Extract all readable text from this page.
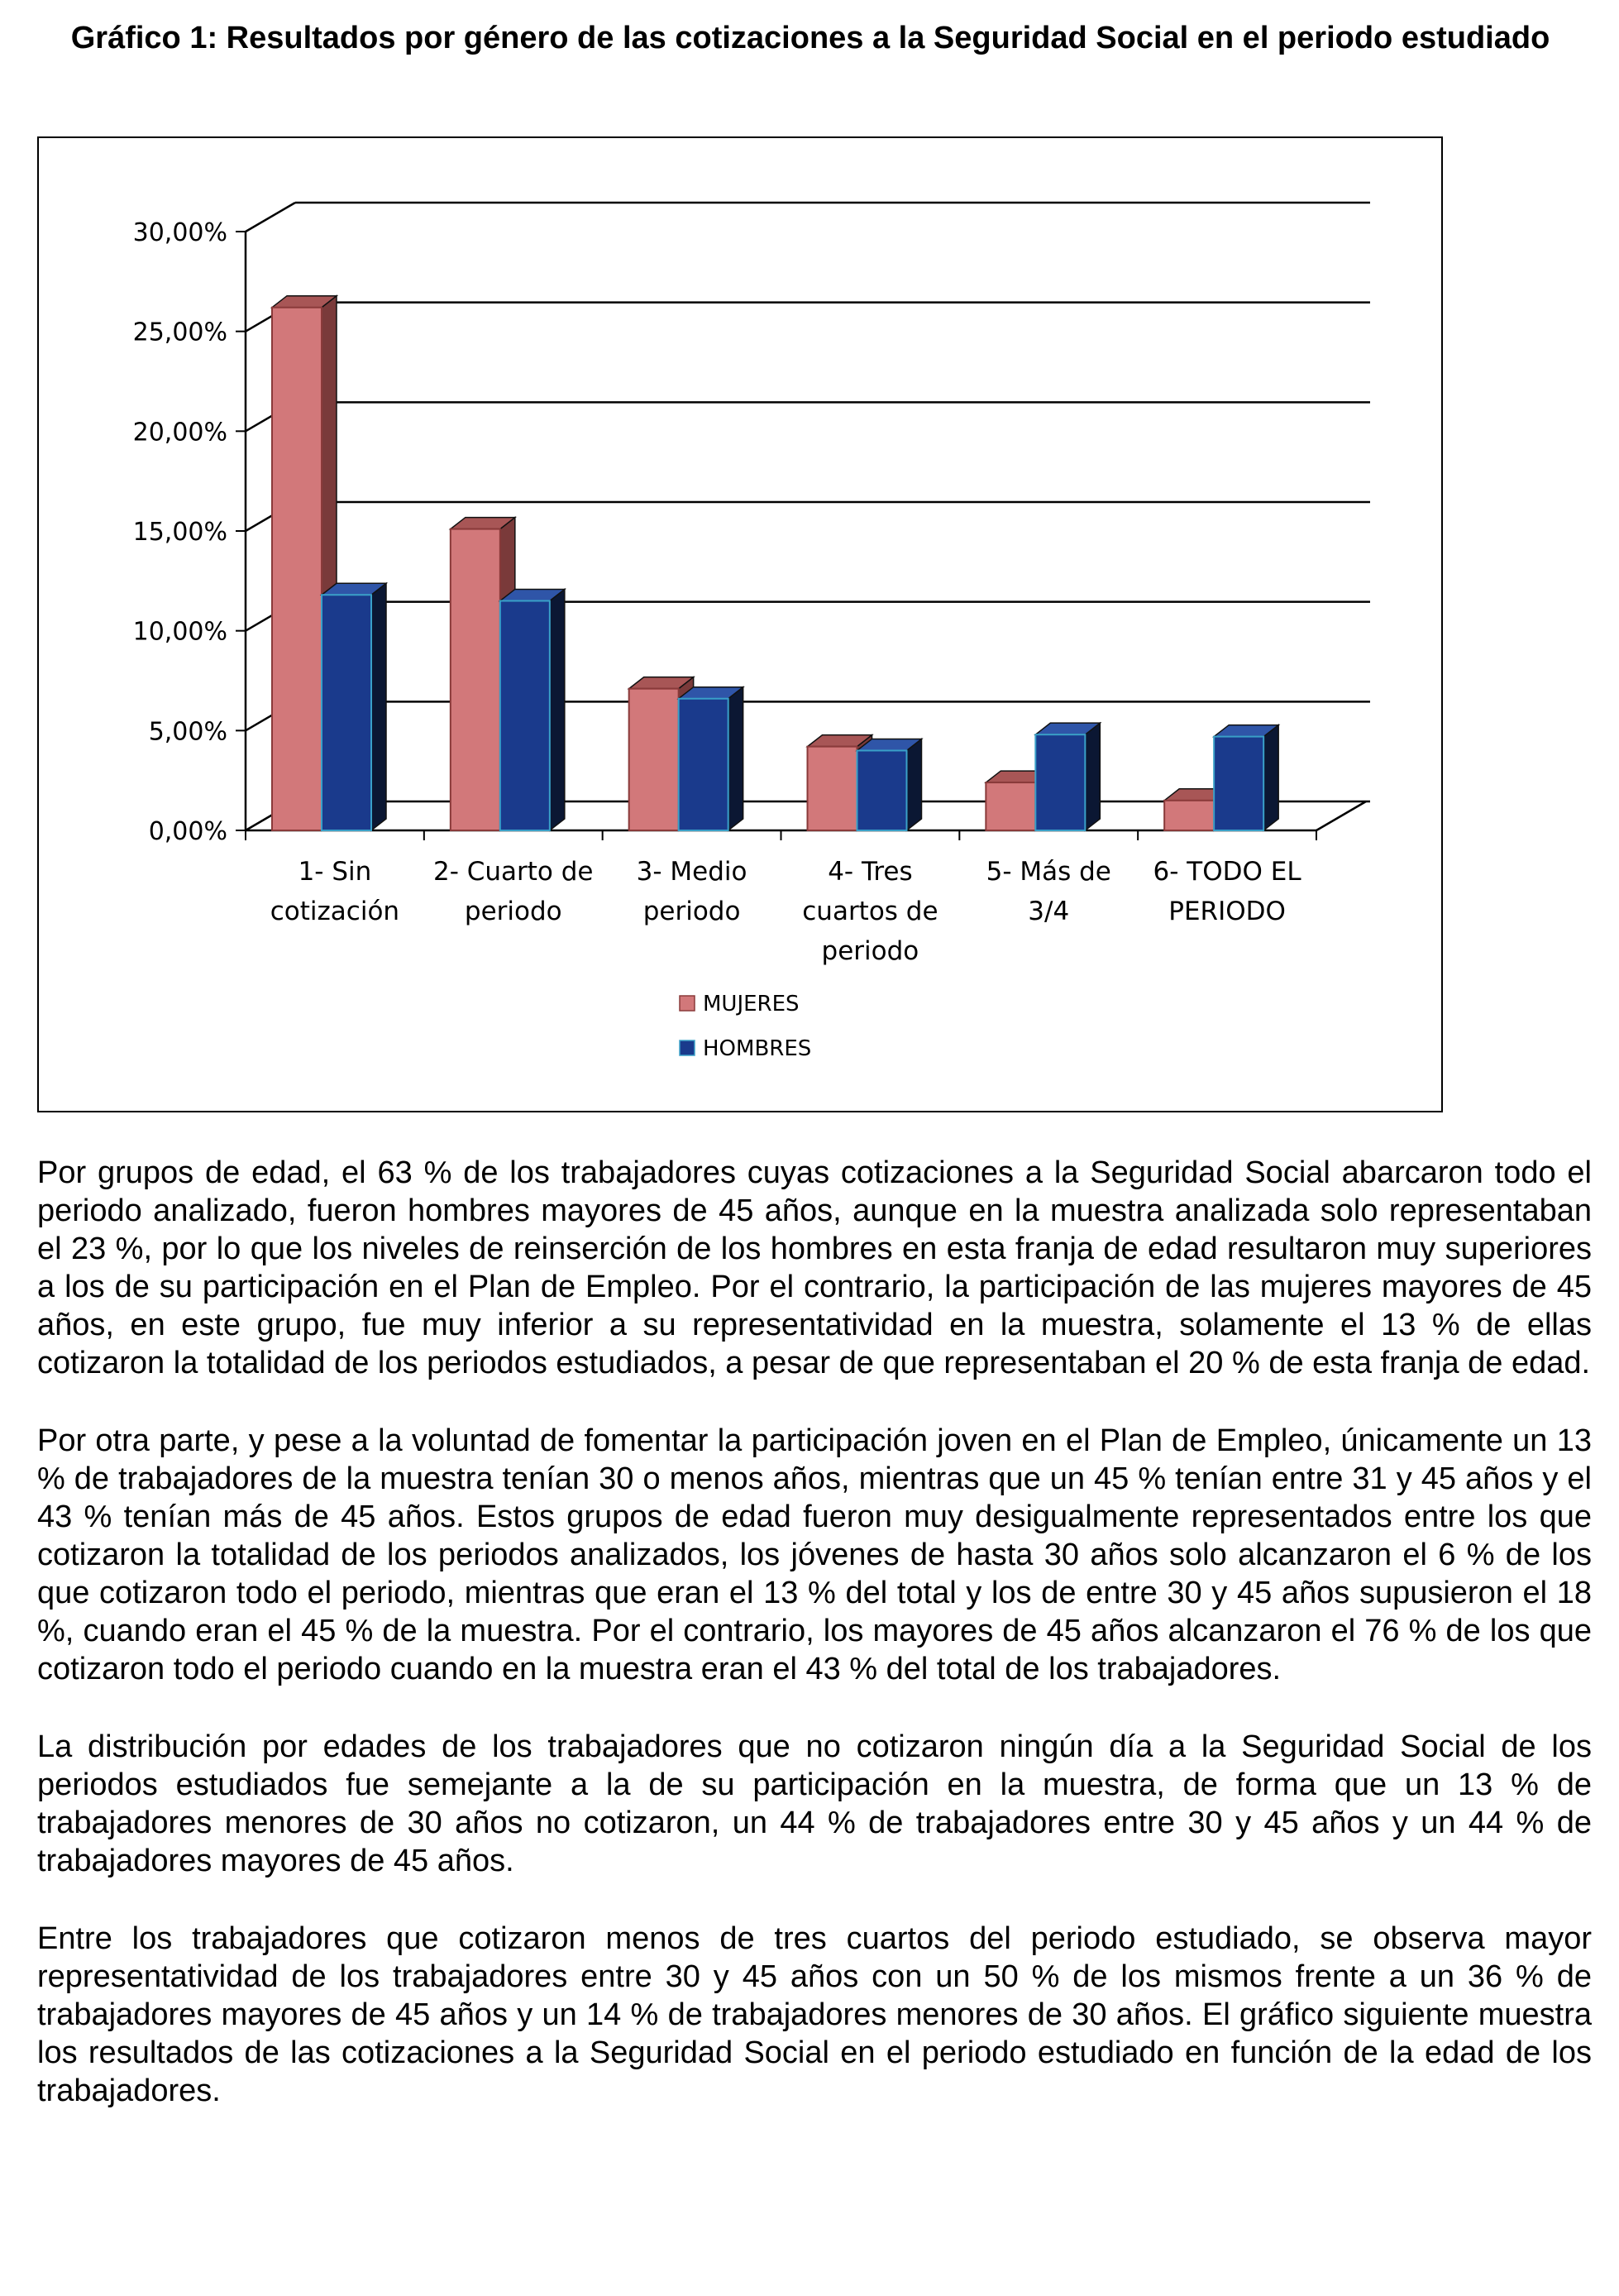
Gráfico 1: Resultados por género de las cotizaciones a la Seguridad Social en el periodo estudiado
0,00%
5,00%
10,00%
15,00%
20,00%
25,00%
30,00%
1- Sin cotización
2- Cuarto de periodo
3- Medio periodo
4- Tres cuartos de periodo
5- Más de 3/4
6- TODO EL PERIODO
MUJERES
HOMBRES

Por grupos de edad, el 63 % de los trabajadores cuyas cotizaciones a la Seguridad Social abarcaron todo el periodo analizado, fueron hombres mayores de 45 años, aunque en la muestra analizada solo representaban el 23 %, por lo que los niveles de reinserción de los hombres en esta franja de edad resultaron muy superiores a los de su participación en el Plan de Empleo. Por el contrario, la participación de las mujeres mayores de 45 años, en este grupo, fue muy inferior a su representatividad en la muestra, solamente el 13 % de ellas cotizaron la totalidad de los periodos estudiados, a pesar de que representaban el 20 % de esta franja de edad.

Por otra parte, y pese a la voluntad de fomentar la participación joven en el Plan de Empleo, únicamente un 13 % de trabajadores de la muestra tenían 30 o menos años, mientras que un 45 % tenían entre 31 y 45 años y el 43 % tenían más de 45 años. Estos grupos de edad fueron muy desigualmente representados entre los que cotizaron la totalidad de los periodos analizados, los jóvenes de hasta 30 años solo alcanzaron el 6 % de los que cotizaron todo el periodo, mientras que eran el 13 % del total y los de entre 30 y 45 años supusieron el 18 %, cuando eran el 45 % de la muestra. Por el contrario, los mayores de 45 años alcanzaron el 76 % de los que cotizaron todo el periodo cuando en la muestra eran el 43 % del total de los trabajadores.

La distribución por edades de los trabajadores que no cotizaron ningún día a la Seguridad Social de los periodos estudiados fue semejante a la de su participación en la muestra, de forma que un 13 % de trabajadores menores de 30 años no cotizaron, un 44 % de trabajadores entre 30 y 45 años y un 44 % de trabajadores mayores de 45 años.

Entre los trabajadores que cotizaron menos de tres cuartos del periodo estudiado, se observa mayor representatividad de los trabajadores entre 30 y 45 años con un 50 % de los mismos frente a un 36 % de trabajadores mayores de 45 años y un 14 % de trabajadores menores de 30 años. El gráfico siguiente muestra los resultados de las cotizaciones a la Seguridad Social en el periodo estudiado en función de la edad de los trabajadores.
